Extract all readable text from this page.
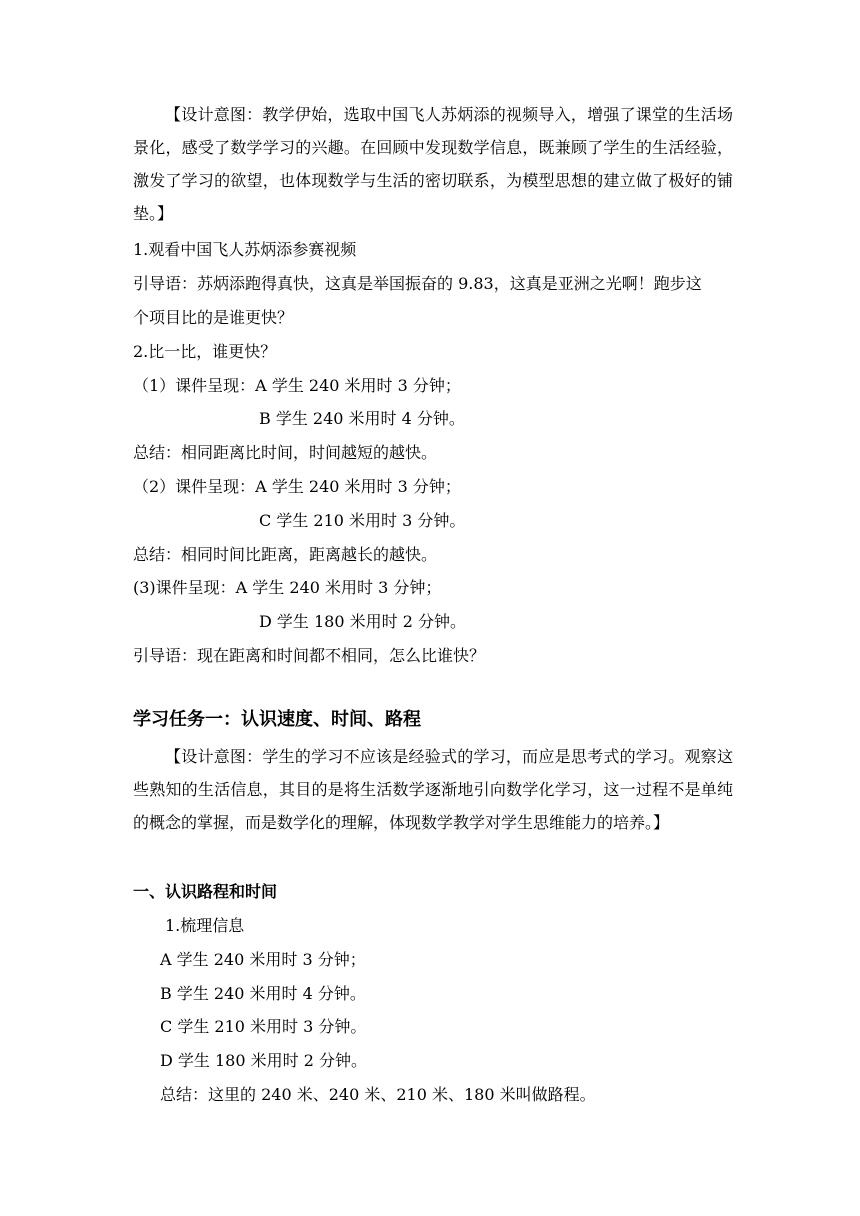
【设计意图：教学伊始，选取中国飞人苏炳添的视频导入，增强了课堂的生活场景化，感受了数学学习的兴趣。在回顾中发现数学信息，既兼顾了学生的生活经验，激发了学习的欲望，也体现数学与生活的密切联系，为模型思想的建立做了极好的铺垫。】

1.观看中国飞人苏炳添参赛视频

引导语：苏炳添跑得真快，这真是举国振奋的 9.83，这真是亚洲之光啊！跑步这

个项目比的是谁更快？

2.比一比，谁更快？

（1）课件呈现：A 学生 240 米用时 3 分钟；

B 学生 240 米用时 4 分钟。

总结：相同距离比时间，时间越短的越快。

（2）课件呈现：A 学生 240 米用时 3 分钟；

C 学生 210 米用时 3 分钟。

总结：相同时间比距离，距离越长的越快。

(3)课件呈现：A 学生 240 米用时 3 分钟；

D 学生 180 米用时 2 分钟。

引导语：现在距离和时间都不相同，怎么比谁快？

学习任务一：认识速度、时间、路程

【设计意图：学生的学习不应该是经验式的学习，而应是思考式的学习。观察这些熟知的生活信息，其目的是将生活数学逐渐地引向数学化学习，这一过程不是单纯的概念的掌握，而是数学化的理解，体现数学教学对学生思维能力的培养。】

一、认识路程和时间

1.梳理信息

A 学生 240 米用时 3 分钟；

B 学生 240 米用时 4 分钟。

C 学生 210 米用时 3 分钟。

D 学生 180 米用时 2 分钟。

总结：这里的 240 米、240 米、210 米、180 米叫做路程。
